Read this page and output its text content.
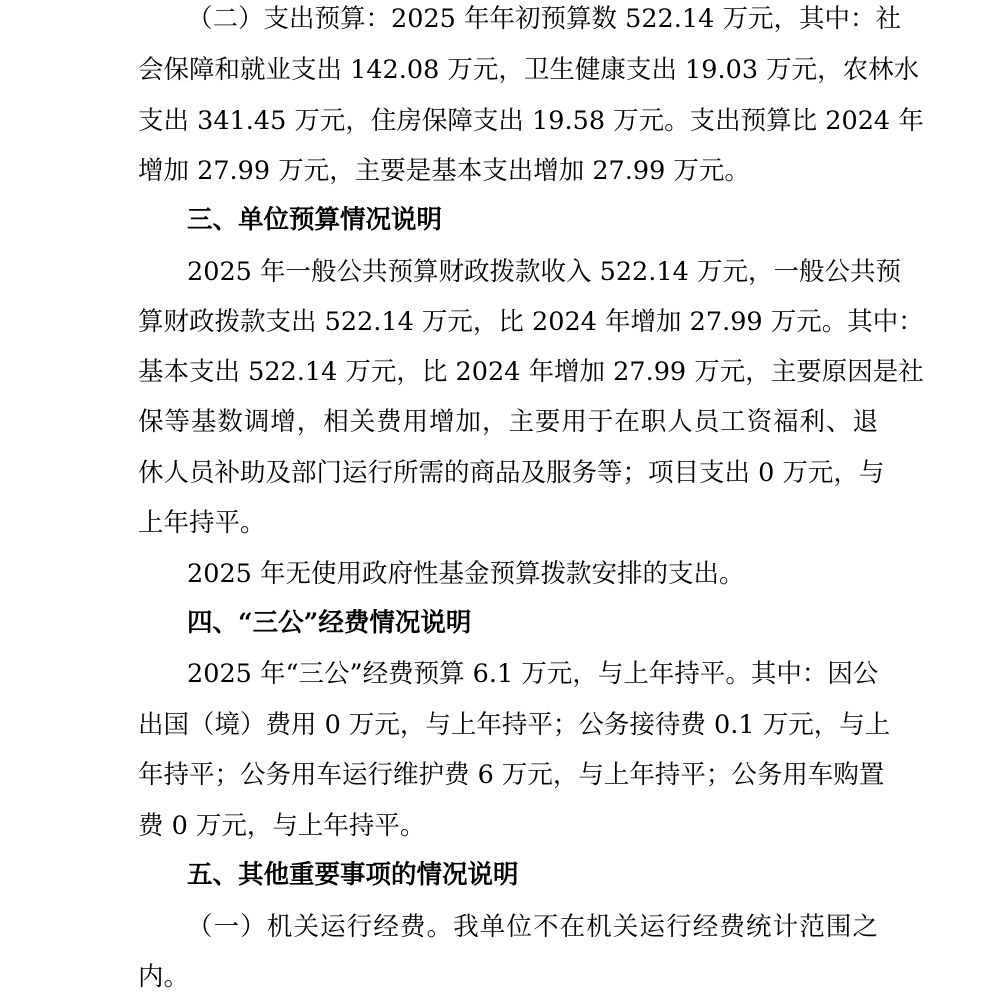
（二）支出预算：2025 年年初预算数 522.14 万元，其中：社
会保障和就业支出 142.08 万元，卫生健康支出 19.03 万元，农林水
支出 341.45 万元，住房保障支出 19.58 万元。支出预算比 2024 年
增加 27.99 万元，主要是基本支出增加 27.99 万元。
三、单位预算情况说明
2025 年一般公共预算财政拨款收入 522.14 万元，一般公共预
算财政拨款支出 522.14 万元，比 2024 年增加 27.99 万元。其中：
基本支出 522.14 万元，比 2024 年增加 27.99 万元，主要原因是社
保等基数调增，相关费用增加，主要用于在职人员工资福利、退
休人员补助及部门运行所需的商品及服务等；项目支出 0 万元，与
上年持平。
2025 年无使用政府性基金预算拨款安排的支出。
四、“三公”经费情况说明
2025 年“三公”经费预算 6.1 万元，与上年持平。其中：因公
出国（境）费用 0 万元，与上年持平；公务接待费 0.1 万元，与上
年持平；公务用车运行维护费 6 万元，与上年持平；公务用车购置
费 0 万元，与上年持平。
五、其他重要事项的情况说明
（一）机关运行经费。我单位不在机关运行经费统计范围之
内。
